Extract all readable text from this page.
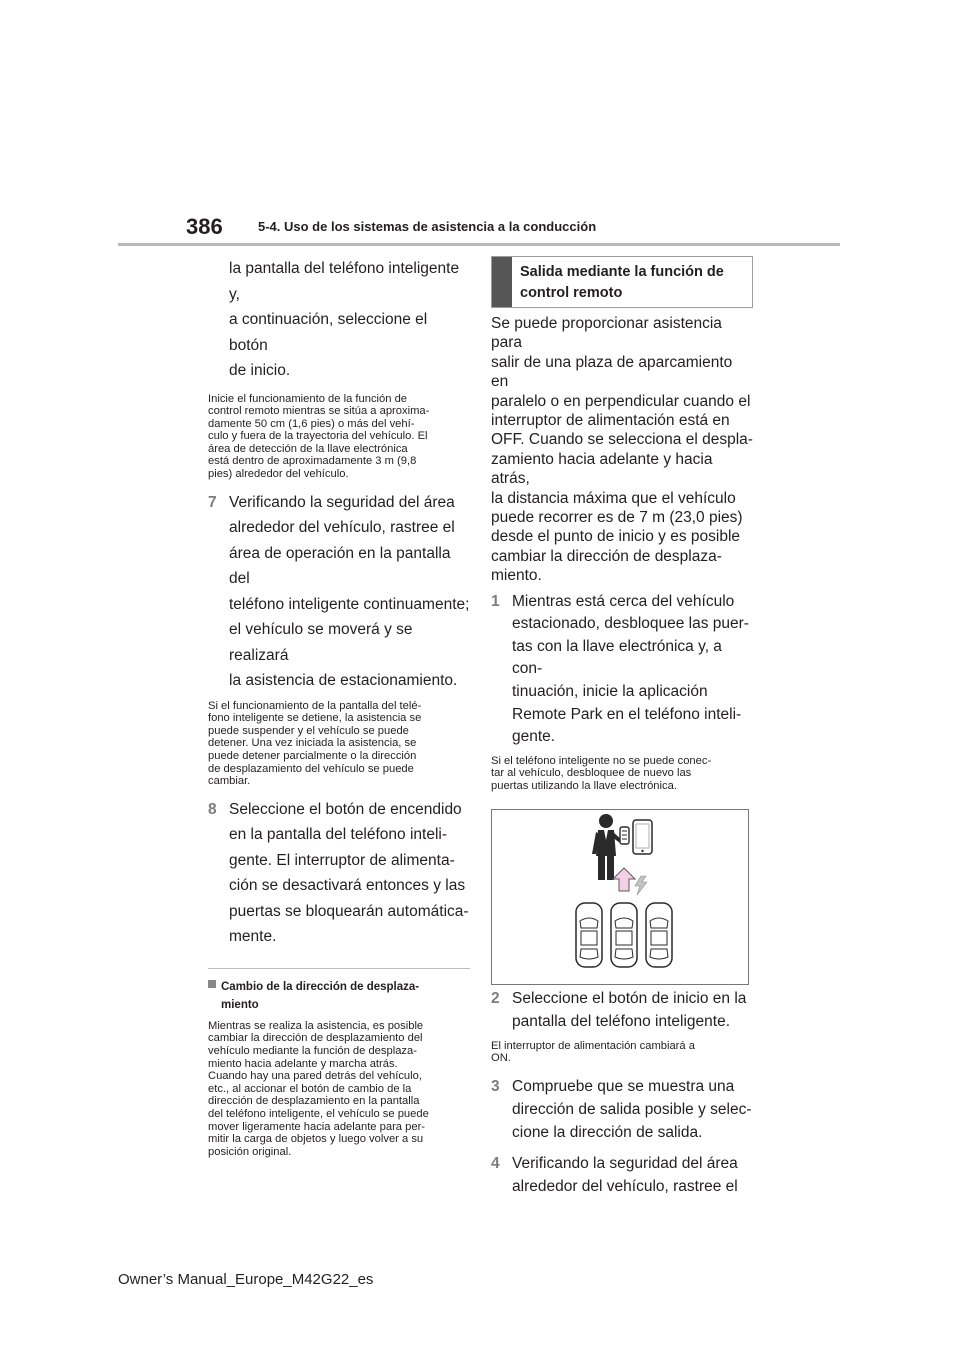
386	5-4. Uso de los sistemas de asistencia a la conducción

la pantalla del teléfono inteligente y,

a continuación, seleccione el botón

de inicio.

Inicie el funcionamiento de la función de

control remoto mientras se sitúa a aproxima-

damente 50 cm (1,6 pies) o más del vehí-

culo y fuera de la trayectoria del vehículo. El

área de detección de la llave electrónica

está dentro de aproximadamente 3 m (9,8

pies) alrededor del vehículo.

7 Verificando la seguridad del área
alrededor del vehículo, rastree el
área de operación en la pantalla del
teléfono inteligente continuamente;
el vehículo se moverá y se realizará
la asistencia de estacionamiento.

Si el funcionamiento de la pantalla del telé-

fono inteligente se detiene, la asistencia se

puede suspender y el vehículo se puede

detener. Una vez iniciada la asistencia, se

puede detener parcialmente o la dirección

de desplazamiento del vehículo se puede

cambiar.

8 Seleccione el botón de encendido
en la pantalla del teléfono inteli-
gente. El interruptor de alimenta-
ción se desactivará entonces y las
puertas se bloquearán automática-
mente.
Cambio de la dirección de desplaza-
miento

Mientras se realiza la asistencia, es posible

cambiar la dirección de desplazamiento del

vehículo mediante la función de desplaza-

miento hacia adelante y marcha atrás.

Cuando hay una pared detrás del vehículo,

etc., al accionar el botón de cambio de la

dirección de desplazamiento en la pantalla

del teléfono inteligente, el vehículo se puede

mover ligeramente hacia adelante para per-

mitir la carga de objetos y luego volver a su

posición original.

Salida mediante la función de
control remoto

Se puede proporcionar asistencia para

salir de una plaza de aparcamiento en

paralelo o en perpendicular cuando el

interruptor de alimentación está en

OFF. Cuando se selecciona el despla-

zamiento hacia adelante y hacia atrás,

la distancia máxima que el vehículo

puede recorrer es de 7 m (23,0 pies)

desde el punto de inicio y es posible

cambiar la dirección de desplaza-

miento.

1 Mientras está cerca del vehículo
estacionado, desbloquee las puer-
tas con la llave electrónica y, a con-
tinuación, inicie la aplicación
Remote Park en el teléfono inteli-
gente.

Si el teléfono inteligente no se puede conec-

tar al vehículo, desbloquee de nuevo las

puertas utilizando la llave electrónica.

2 Seleccione el botón de inicio en la
pantalla del teléfono inteligente.

El interruptor de alimentación cambiará a

ON.

3 Compruebe que se muestra una
dirección de salida posible y selec-
cione la dirección de salida.
4 Verificando la seguridad del área
alrededor del vehículo, rastree el
Owner’s Manual_Europe_M42G22_es
